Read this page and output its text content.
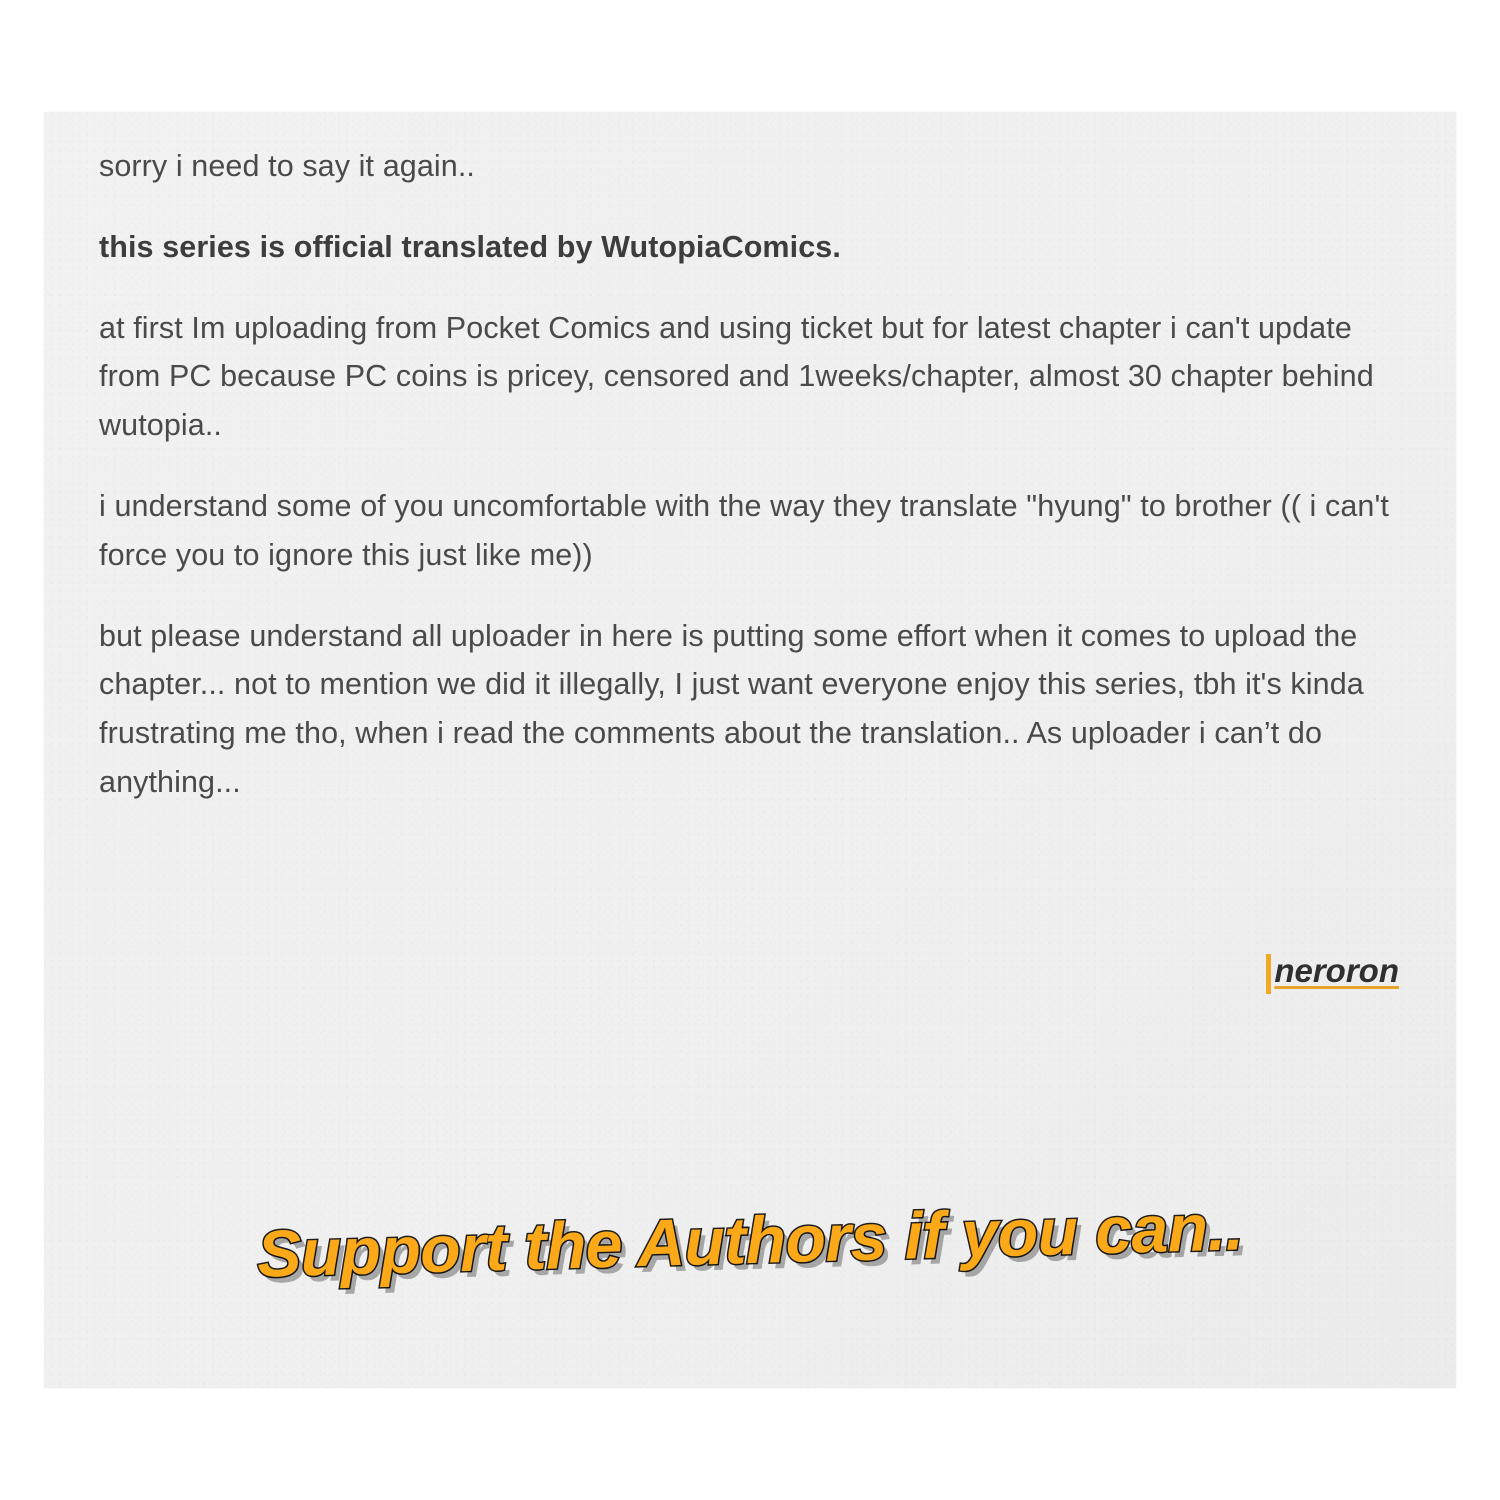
sorry i need to say it again..

this series is official translated by WutopiaComics.

at first Im uploading from Pocket Comics and using ticket but for latest chapter i can't update from PC because PC coins is pricey, censored and 1weeks/chapter, almost 30 chapter behind wutopia..

i understand some of you uncomfortable with the way they translate "hyung" to brother (( i can't force you to ignore this just like me))

but please understand all uploader in here is putting some effort when it comes to upload the chapter... not to mention we did it illegally, I just want everyone enjoy this series, tbh it's kinda frustrating me tho, when i read the comments about the translation.. As uploader i can’t do anything...

neroron
Support the Authors if you can..
